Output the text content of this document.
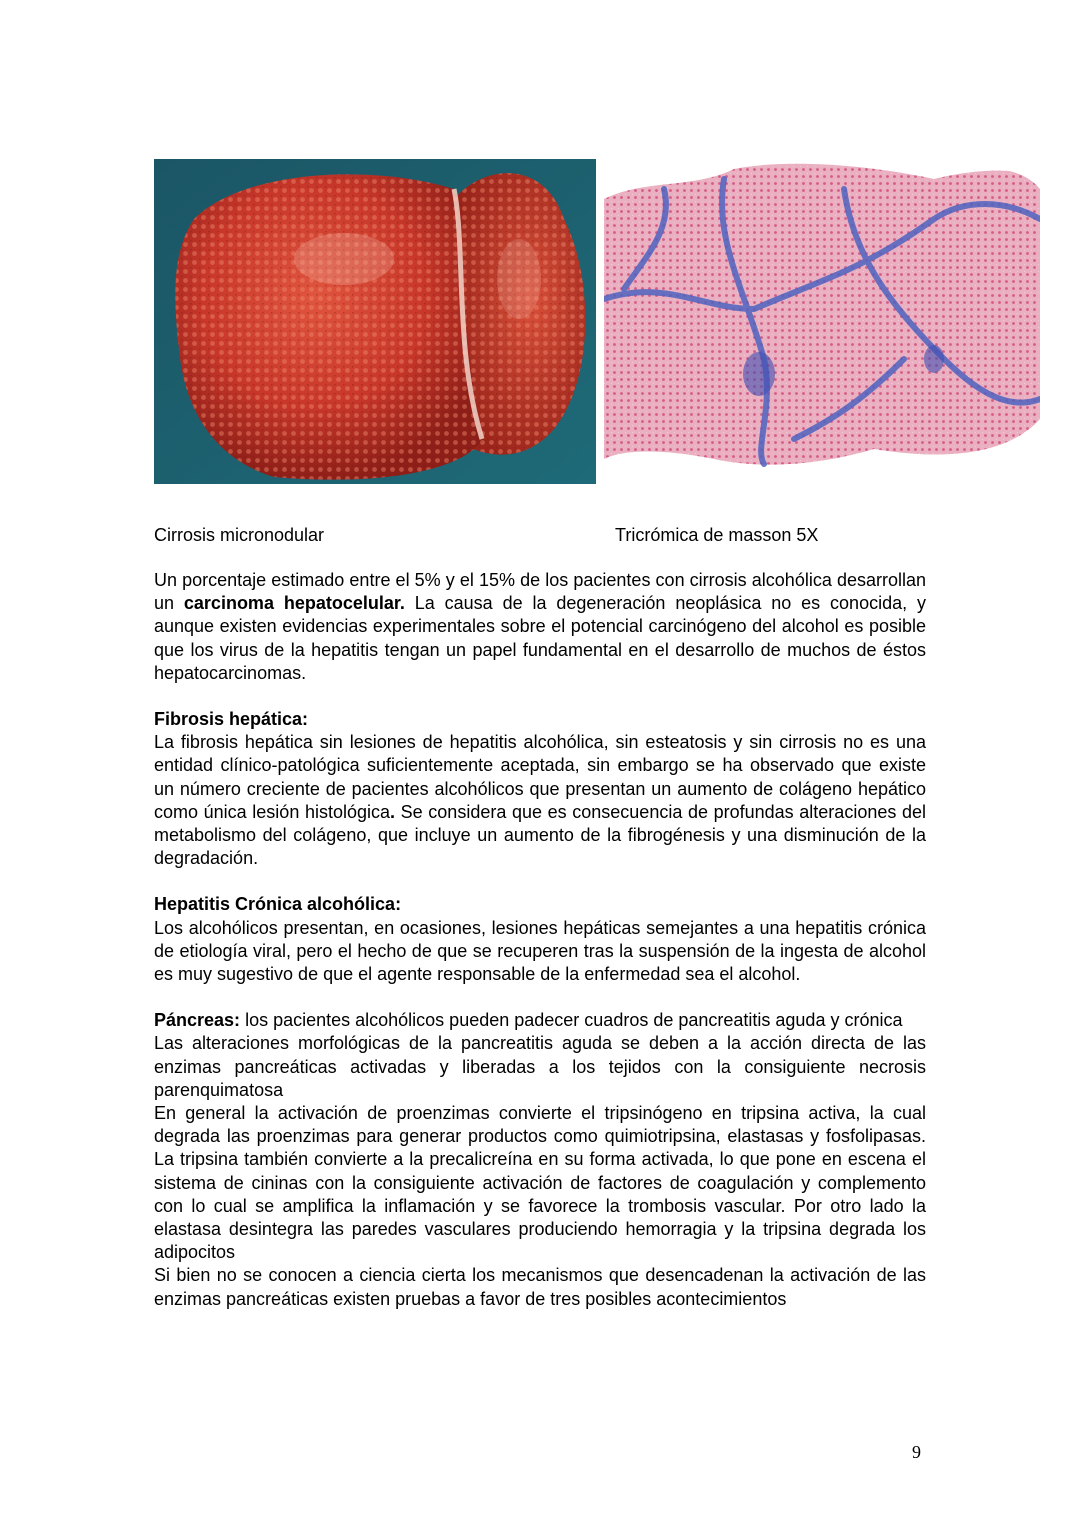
Cirrosis micronodular	Tricrómica de masson 5X

Un porcentaje estimado entre el 5% y el 15% de los pacientes con cirrosis alcohólica desarrollan un carcinoma hepatocelular. La causa de la degeneración neoplásica no es conocida, y aunque existen evidencias experimentales sobre el potencial carcinógeno del alcohol es posible que los virus de la hepatitis tengan un papel fundamental en el desarrollo de muchos de éstos hepatocarcinomas.

Fibrosis hepática:

La fibrosis hepática sin lesiones de hepatitis alcohólica, sin esteatosis y sin cirrosis no es una entidad clínico-patológica suficientemente aceptada, sin embargo se ha observado que existe un número creciente de pacientes alcohólicos que presentan un aumento de colágeno hepático como única lesión histológica. Se considera que es consecuencia de profundas alteraciones del metabolismo del colágeno, que incluye un aumento de la fibrogénesis y una disminución de la degradación.

Hepatitis Crónica alcohólica:

Los alcohólicos presentan, en ocasiones, lesiones hepáticas semejantes a una hepatitis crónica de etiología viral, pero el hecho de que se recuperen tras la suspensión de la ingesta de alcohol es muy sugestivo de que el agente responsable de la enfermedad sea el alcohol.

Páncreas: los pacientes alcohólicos pueden padecer cuadros de pancreatitis aguda y crónica

Las alteraciones morfológicas de la pancreatitis aguda se deben a la acción directa de las enzimas pancreáticas activadas y liberadas a los tejidos con la consiguiente necrosis parenquimatosa

En general la activación de proenzimas convierte el tripsinógeno en tripsina activa, la cual degrada las proenzimas para generar productos como quimiotripsina, elastasas y fosfolipasas. La tripsina también convierte a la precalicreína en su forma activada, lo que pone en escena el sistema de cininas con la consiguiente activación de factores de coagulación y complemento con lo cual se amplifica la inflamación y se favorece la trombosis vascular. Por otro lado la elastasa desintegra las paredes vasculares produciendo hemorragia y la tripsina degrada los adipocitos

Si bien no se conocen a ciencia cierta los mecanismos que desencadenan la activación de las enzimas pancreáticas existen pruebas a favor de tres posibles acontecimientos

9
